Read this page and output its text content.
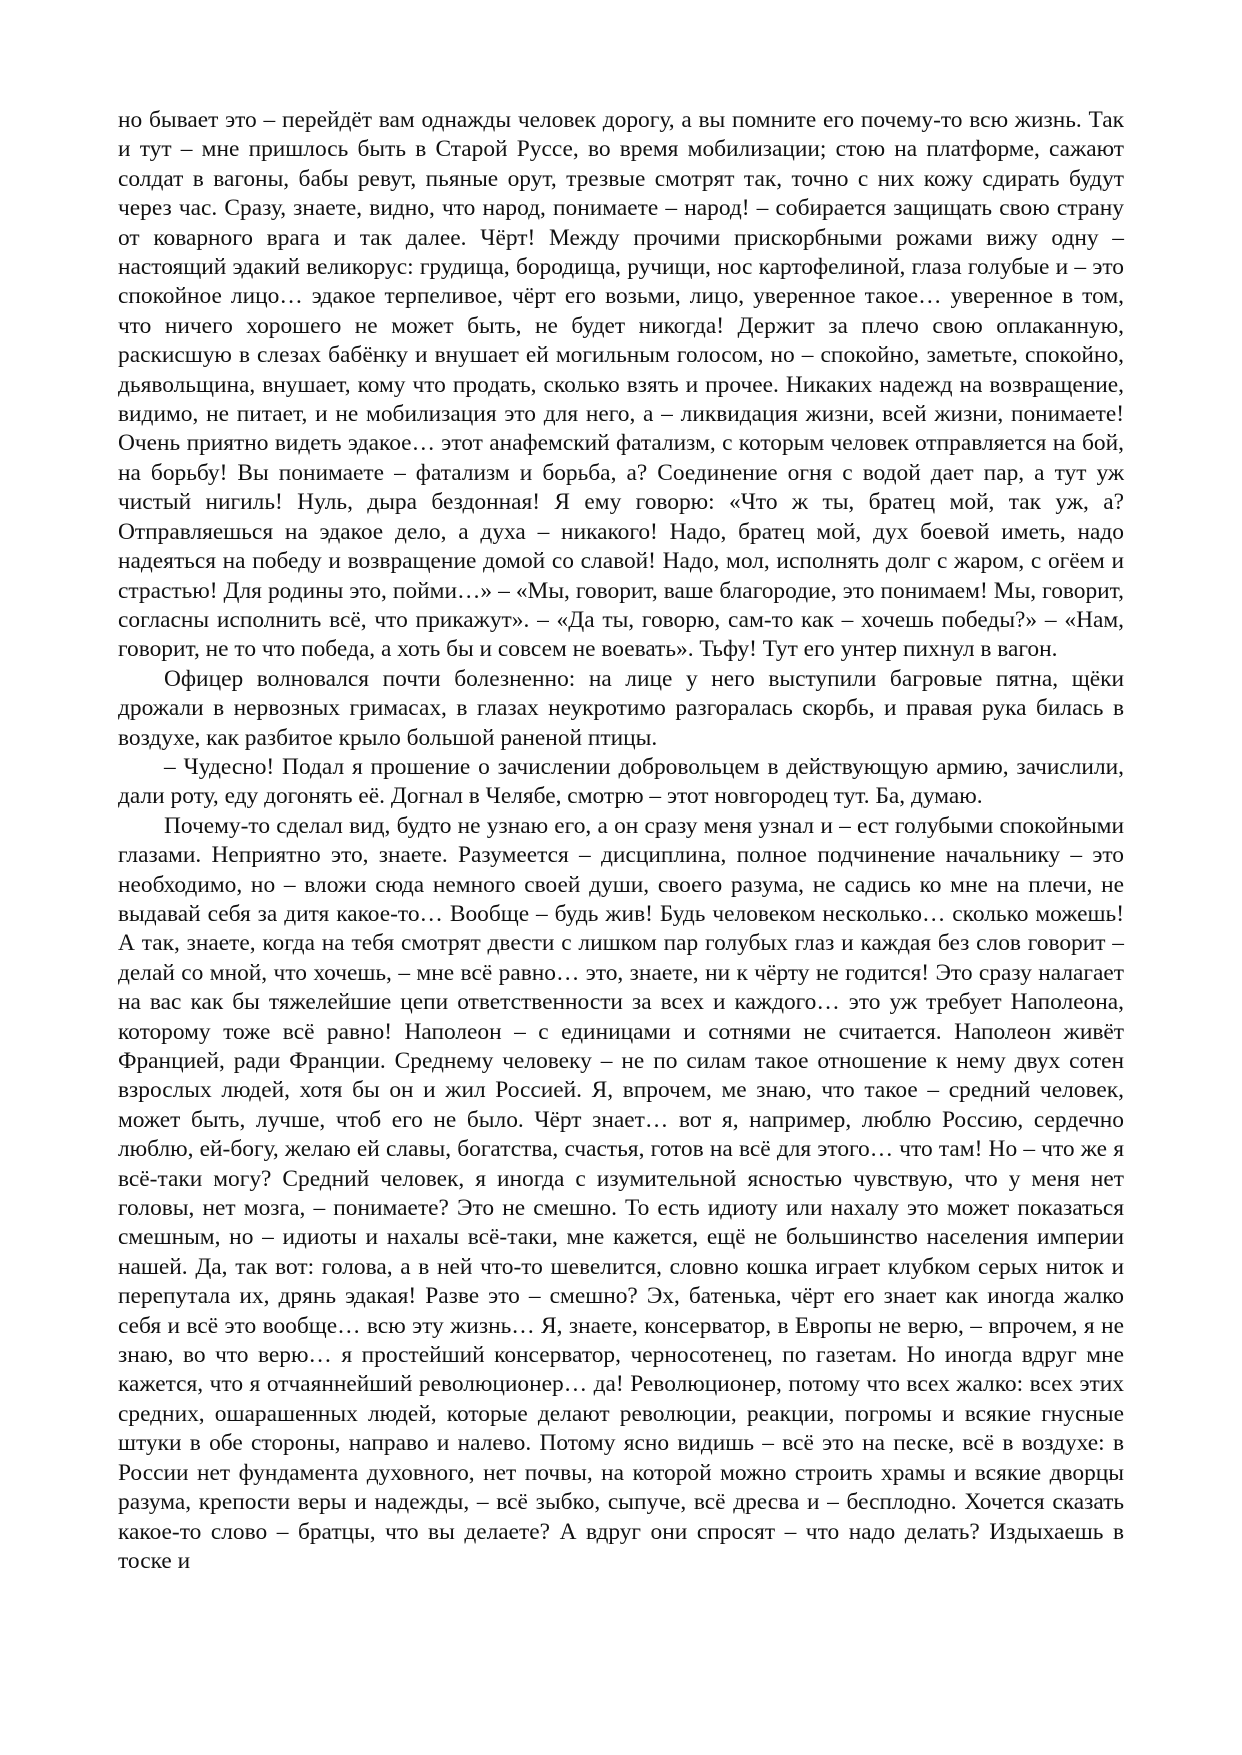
но бывает это – перейдёт вам однажды человек дорогу, а вы помните его почему-то всю жизнь. Так и тут – мне пришлось быть в Старой Руссе, во время мобилизации; стою на платформе, сажают солдат в вагоны, бабы ревут, пьяные орут, трезвые смотрят так, точно с них кожу сдирать будут через час. Сразу, знаете, видно, что народ, понимаете – народ! – собирается защищать свою страну от коварного врага и так далее. Чёрт! Между прочими прискорбными рожами вижу одну – настоящий эдакий великорус: грудища, бородища, ручищи, нос картофелиной, глаза голубые и – это спокойное лицо… эдакое терпеливое, чёрт его возьми, лицо, уверенное такое… уверенное в том, что ничего хорошего не может быть, не будет никогда! Держит за плечо свою оплаканную, раскисшую в слезах бабёнку и внушает ей могильным голосом, но – спокойно, заметьте, спокойно, дьявольщина, внушает, кому что продать, сколько взять и прочее. Никаких надежд на возвращение, видимо, не питает, и не мобилизация это для него, а – ликвидация жизни, всей жизни, понимаете! Очень приятно видеть эдакое… этот анафемский фатализм, с которым человек отправляется на бой, на борьбу! Вы понимаете – фатализм и борьба, а? Соединение огня с водой дает пар, а тут уж чистый нигиль! Нуль, дыра бездонная! Я ему говорю: «Что ж ты, братец мой, так уж, а? Отправляешься на эдакое дело, а духа – никакого! Надо, братец мой, дух боевой иметь, надо надеяться на победу и возвращение домой со славой! Надо, мол, исполнять долг с жаром, с огёем и страстью! Для родины это, пойми…» – «Мы, говорит, ваше благородие, это понимаем! Мы, говорит, согласны исполнить всё, что прикажут». – «Да ты, говорю, сам-то как – хочешь победы?» – «Нам, говорит, не то что победа, а хоть бы и совсем не воевать». Тьфу! Тут его унтер пихнул в вагон.

Офицер волновался почти болезненно: на лице у него выступили багровые пятна, щёки дрожали в нервозных гримасах, в глазах неукротимо разгоралась скорбь, и правая рука билась в воздухе, как разбитое крыло большой раненой птицы.

– Чудесно! Подал я прошение о зачислении добровольцем в действующую армию, зачислили, дали роту, еду догонять её. Догнал в Челябе, смотрю – этот новгородец тут. Ба, думаю.

Почему-то сделал вид, будто не узнаю его, а он сразу меня узнал и – ест голубыми спокойными глазами. Неприятно это, знаете. Разумеется – дисциплина, полное подчинение начальнику – это необходимо, но – вложи сюда немного своей души, своего разума, не садись ко мне на плечи, не выдавай себя за дитя какое-то… Вообще – будь жив! Будь человеком несколько… сколько можешь! А так, знаете, когда на тебя смотрят двести с лишком пар голубых глаз и каждая без слов говорит – делай со мной, что хочешь, – мне всё равно… это, знаете, ни к чёрту не годится! Это сразу налагает на вас как бы тяжелейшие цепи ответственности за всех и каждого… это уж требует Наполеона, которому тоже всё равно! Наполеон – с единицами и сотнями не считается. Наполеон живёт Францией, ради Франции. Среднему человеку – не по силам такое отношение к нему двух сотен взрослых людей, хотя бы он и жил Россией. Я, впрочем, ме знаю, что такое – средний человек, может быть, лучше, чтоб его не было. Чёрт знает… вот я, например, люблю Россию, сердечно люблю, ей-богу, желаю ей славы, богатства, счастья, готов на всё для этого… что там! Но – что же я всё-таки могу? Средний человек, я иногда с изумительной ясностью чувствую, что у меня нет головы, нет мозга, – понимаете? Это не смешно. То есть идиоту или нахалу это может показаться смешным, но – идиоты и нахалы всё-таки, мне кажется, ещё не большинство населения империи нашей. Да, так вот: голова, а в ней что-то шевелится, словно кошка играет клубком серых ниток и перепутала их, дрянь эдакая! Разве это – смешно? Эх, батенька, чёрт его знает как иногда жалко себя и всё это вообще… всю эту жизнь… Я, знаете, консерватор, в Европы не верю, – впрочем, я не знаю, во что верю… я простейший консерватор, черносотенец, по газетам. Но иногда вдруг мне кажется, что я отчаяннейший революционер… да! Революционер, потому что всех жалко: всех этих средних, ошарашенных людей, которые делают революции, реакции, погромы и всякие гнусные штуки в обе стороны, направо и налево. Потому ясно видишь – всё это на песке, всё в воздухе: в России нет фундамента духовного, нет почвы, на которой можно строить храмы и всякие дворцы разума, крепости веры и надежды, – всё зыбко, сыпуче, всё дресва и – бесплодно. Хочется сказать какое-то слово – братцы, что вы делаете? А вдруг они спросят – что надо делать? Издыхаешь в тоске и
